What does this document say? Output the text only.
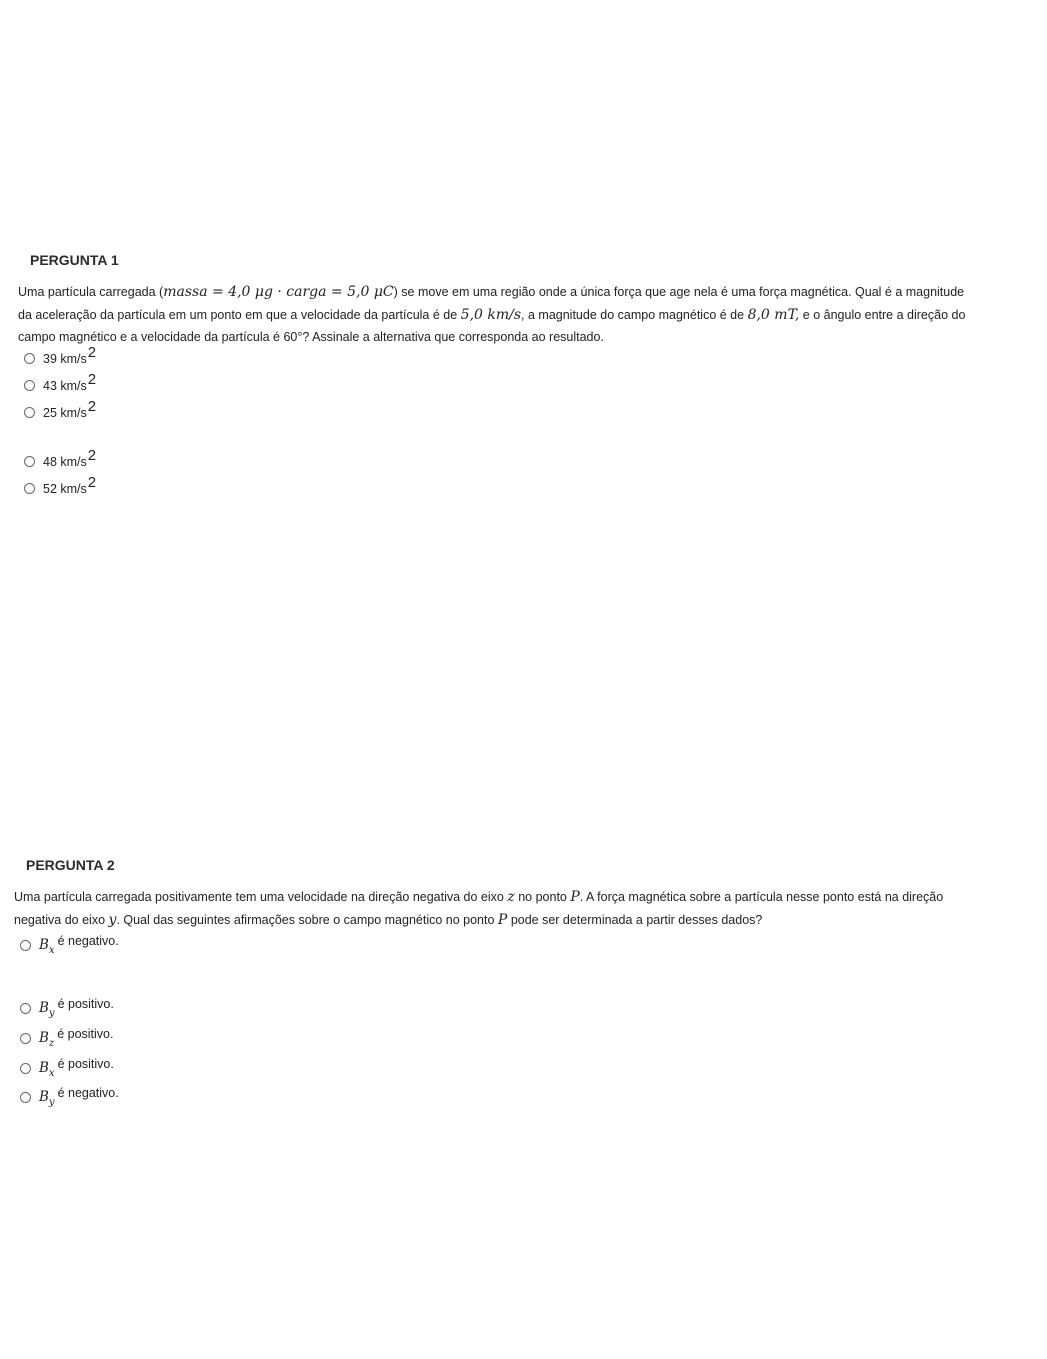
PERGUNTA 1
Uma partícula carregada (massa = 4,0 μg · carga = 5,0 μC) se move em uma região onde a única força que age nela é uma força magnética. Qual é a magnitude da aceleração da partícula em um ponto em que a velocidade da partícula é de 5,0 km/s, a magnitude do campo magnético é de 8,0 mT, e o ângulo entre a direção do campo magnético e a velocidade da partícula é 60°? Assinale a alternativa que corresponda ao resultado.
39 km/s2
43 km/s2
25 km/s2
48 km/s2
52 km/s2
PERGUNTA 2
Uma partícula carregada positivamente tem uma velocidade na direção negativa do eixo z no ponto P. A força magnética sobre a partícula nesse ponto está na direção negativa do eixo y. Qual das seguintes afirmações sobre o campo magnético no ponto P pode ser determinada a partir desses dados?
$B_xé$ negativo.
$B_yé$ positivo.
$B_zé$ positivo.
$B_xé$ positivo.
$B_yé$ negativo.
